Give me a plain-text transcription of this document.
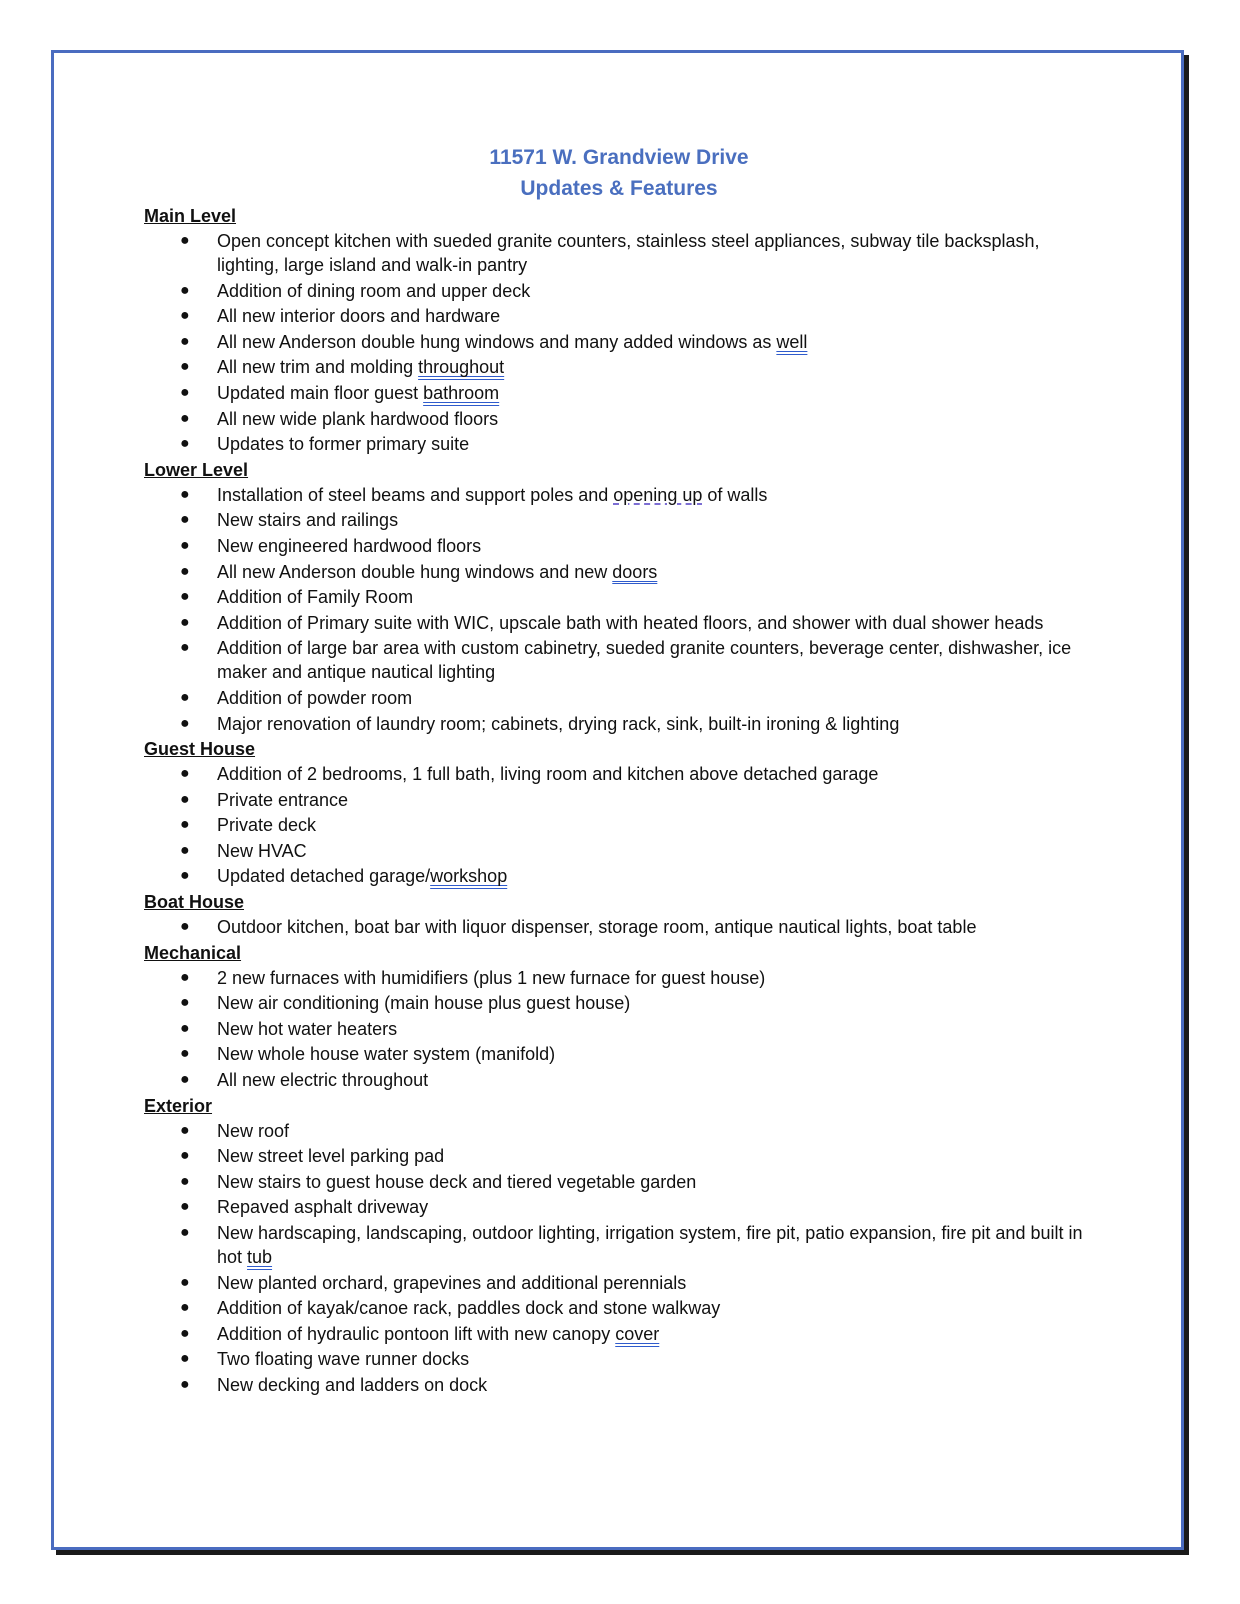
11571 W. Grandview Drive

Updates & Features

Main Level
● Open concept kitchen with sueded granite counters, stainless steel appliances, subway tile backsplash, lighting, large island and walk-in pantry
● Addition of dining room and upper deck
● All new interior doors and hardware
● All new Anderson double hung windows and many added windows as well
● All new trim and molding throughout
● Updated main floor guest bathroom
● All new wide plank hardwood floors
● Updates to former primary suite
Lower Level
● Installation of steel beams and support poles and opening up of walls
● New stairs and railings
● New engineered hardwood floors
● All new Anderson double hung windows and new doors
● Addition of Family Room
● Addition of Primary suite with WIC, upscale bath with heated floors, and shower with dual shower heads
● Addition of large bar area with custom cabinetry, sueded granite counters, beverage center, dishwasher, ice maker and antique nautical lighting
● Addition of powder room
● Major renovation of laundry room; cabinets, drying rack, sink, built-in ironing & lighting
Guest House
● Addition of 2 bedrooms, 1 full bath, living room and kitchen above detached garage
● Private entrance
● Private deck
● New HVAC
● Updated detached garage/workshop
Boat House
● Outdoor kitchen, boat bar with liquor dispenser, storage room, antique nautical lights, boat table
Mechanical
● 2 new furnaces with humidifiers (plus 1 new furnace for guest house)
● New air conditioning (main house plus guest house)
● New hot water heaters
● New whole house water system (manifold)
● All new electric throughout
Exterior
● New roof
● New street level parking pad
● New stairs to guest house deck and tiered vegetable garden
● Repaved asphalt driveway
● New hardscaping, landscaping, outdoor lighting, irrigation system, fire pit, patio expansion, fire pit and built in hot tub
● New planted orchard, grapevines and additional perennials
● Addition of kayak/canoe rack, paddles dock and stone walkway
● Addition of hydraulic pontoon lift with new canopy cover
● Two floating wave runner docks
● New decking and ladders on dock
